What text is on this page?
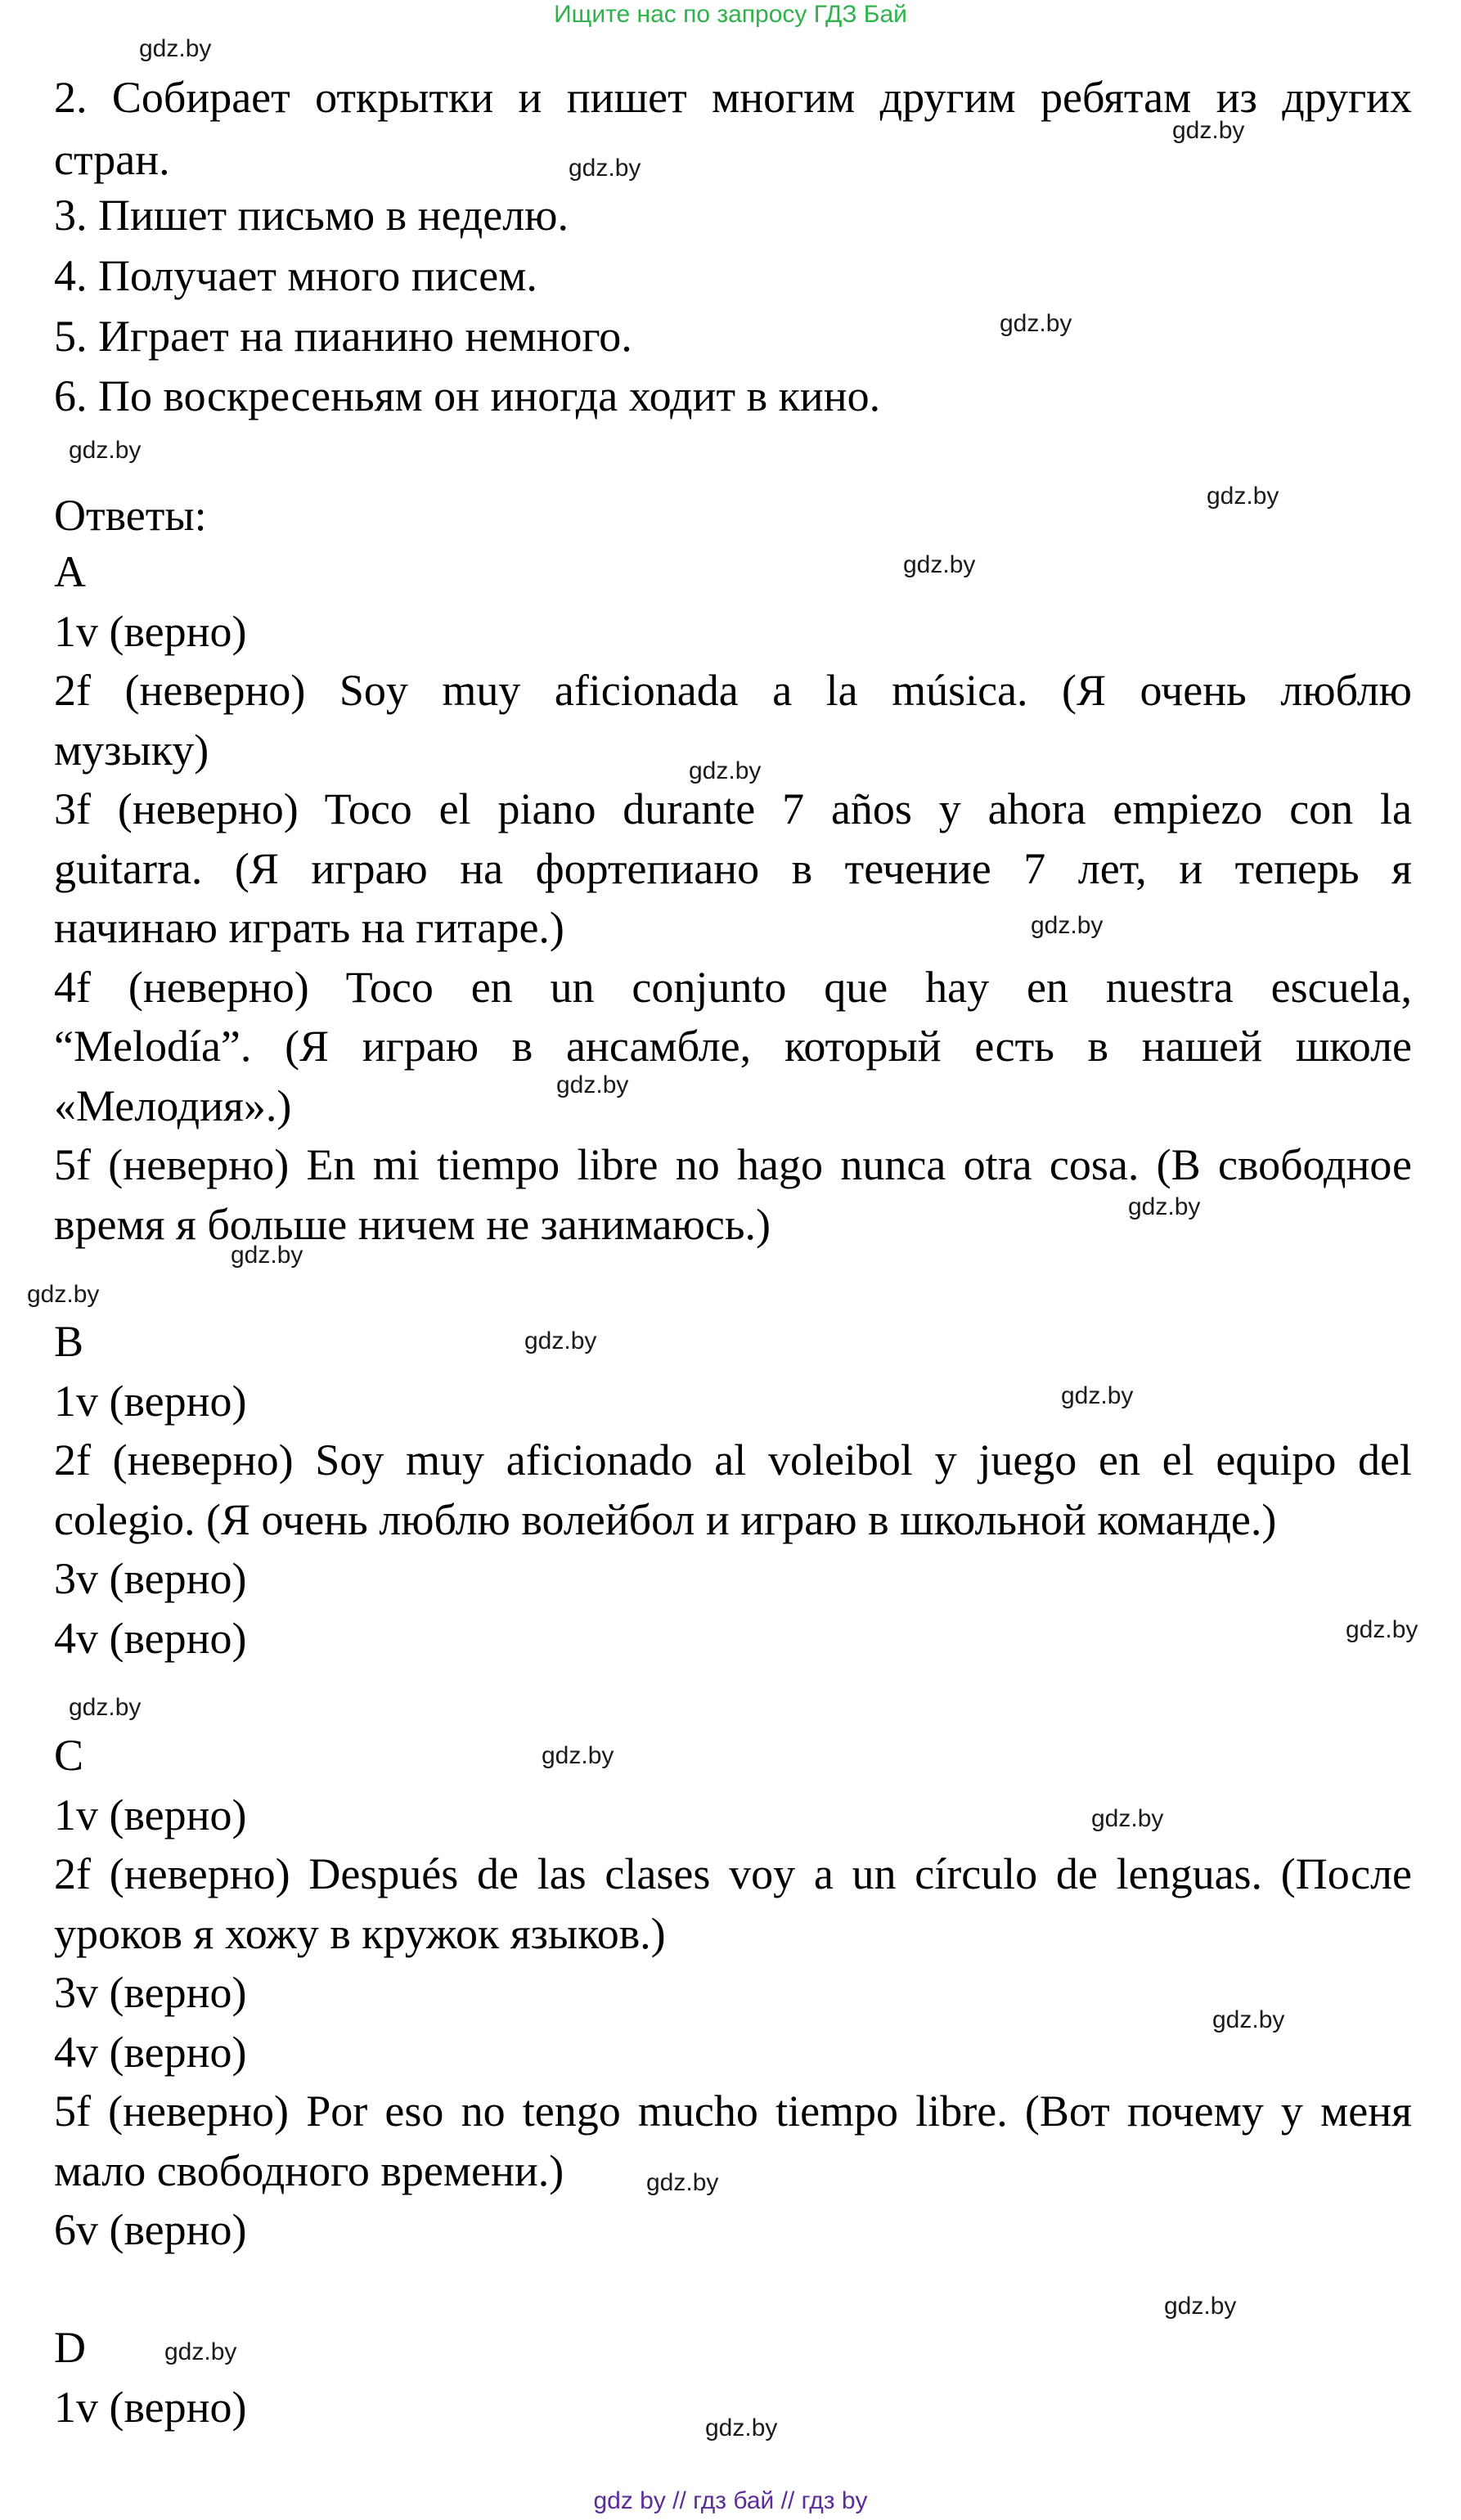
Ищите нас по запросу ГДЗ Бай
2. Собирает открытки и пишет многим другим ребятам из других
стран.
3. Пишет письмо в неделю.
4. Получает много писем.
5. Играет на пианино немного.
6. По воскресеньям он иногда ходит в кино.
Ответы:
A
1v (верно)
2f (неверно) Soy muy aficionada a la música. (Я очень люблю
музыку)
3f (неверно) Toco el piano durante 7 años y ahora empiezo con la
guitarra. (Я играю на фортепиано в течение 7 лет, и теперь я
начинаю играть на гитаре.)
4f (неверно) Toco en un conjunto que hay en nuestra escuela,
“Melodía”. (Я играю в ансамбле, который есть в нашей школе
«Мелодия».)
5f (неверно) En mi tiempo libre no hago nunca otra cosa. (В свободное
время я больше ничем не занимаюсь.)
B
1v (верно)
2f (неверно) Soy muy aficionado al voleibol y juego en el equipo del
colegio. (Я очень люблю волейбол и играю в школьной команде.)
3v (верно)
4v (верно)
C
1v (верно)
2f (неверно) Después de las clases voy a un círculo de lenguas. (После
уроков я хожу в кружок языков.)
3v (верно)
4v (верно)
5f (неверно) Por eso no tengo mucho tiempo libre. (Вот почему у меня
мало свободного времени.)
6v (верно)
D
1v (верно)
gdz.by
gdz.by
gdz.by
gdz.by
gdz.by
gdz.by
gdz.by
gdz.by
gdz.by
gdz.by
gdz.by
gdz.by
gdz.by
gdz.by
gdz.by
gdz.by
gdz.by
gdz.by
gdz.by
gdz.by
gdz.by
gdz.by
gdz.by
gdz.by
gdz by // гдз бай // гдз by
